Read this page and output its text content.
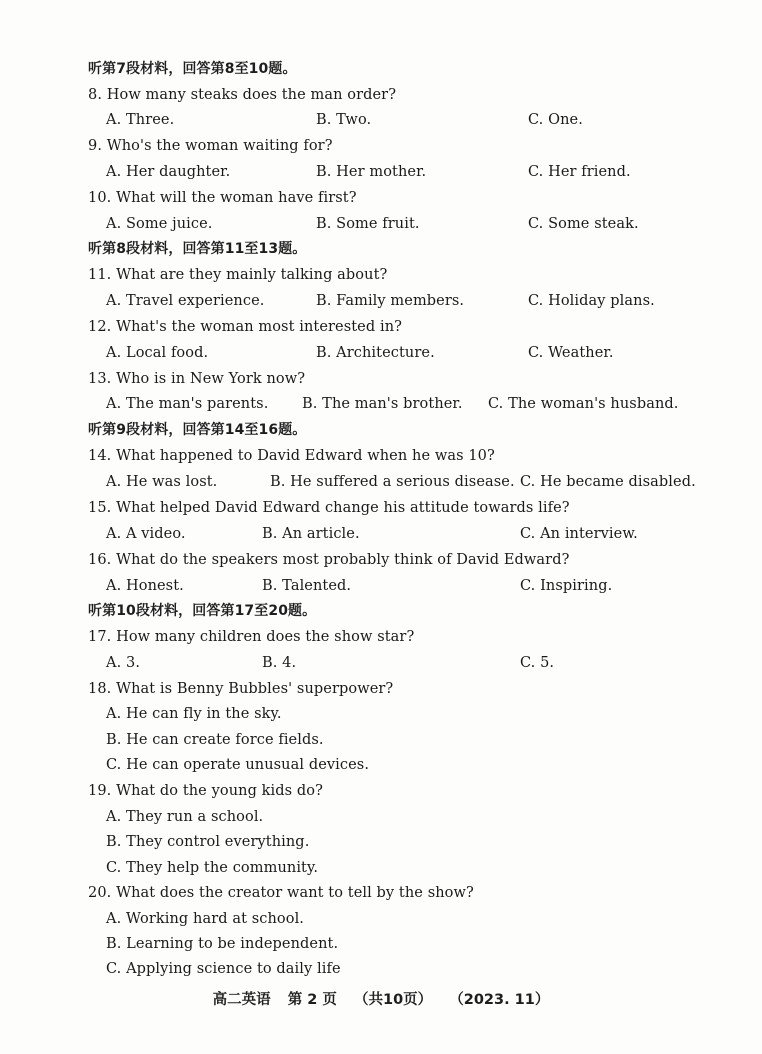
听第7段材料，回答第8至10题。
8. How many steaks does the man order?
A. Three.	B. Two.	C. One.
9. Who's the woman waiting for?
A. Her daughter.	B. Her mother.	C. Her friend.
10. What will the woman have first?
A. Some juice.	B. Some fruit.	C. Some steak.
听第8段材料，回答第11至13题。
11. What are they mainly talking about?
A. Travel experience.	B. Family members.	C. Holiday plans.
12. What's the woman most interested in?
A. Local food.	B. Architecture.	C. Weather.
13. Who is in New York now?
A. The man's parents. B. The man's brother. C. The woman's husband.
听第9段材料，回答第14至16题。
14. What happened to David Edward when he was 10?
A. He was lost.	B. He suffered a serious disease. C. He became disabled.
15. What helped David Edward change his attitude towards life?
A. A video.	B. An article.	C. An interview.
16. What do the speakers most probably think of David Edward?
A. Honest.	B. Talented.	C. Inspiring.
听第10段材料，回答第17至20题。
17. How many children does the show star?
A. 3.	B. 4.	C. 5.
18. What is Benny Bubbles' superpower?
A. He can fly in the sky.
B. He can create force fields.
C. He can operate unusual devices.
19. What do the young kids do?
A. They run a school.
B. They control everything.
C. They help the community.
20. What does the creator want to tell by the show?
A. Working hard at school.
B. Learning to be independent.
C. Applying science to daily life
高二英语 第 2 页 （共10页） （2023. 11）
